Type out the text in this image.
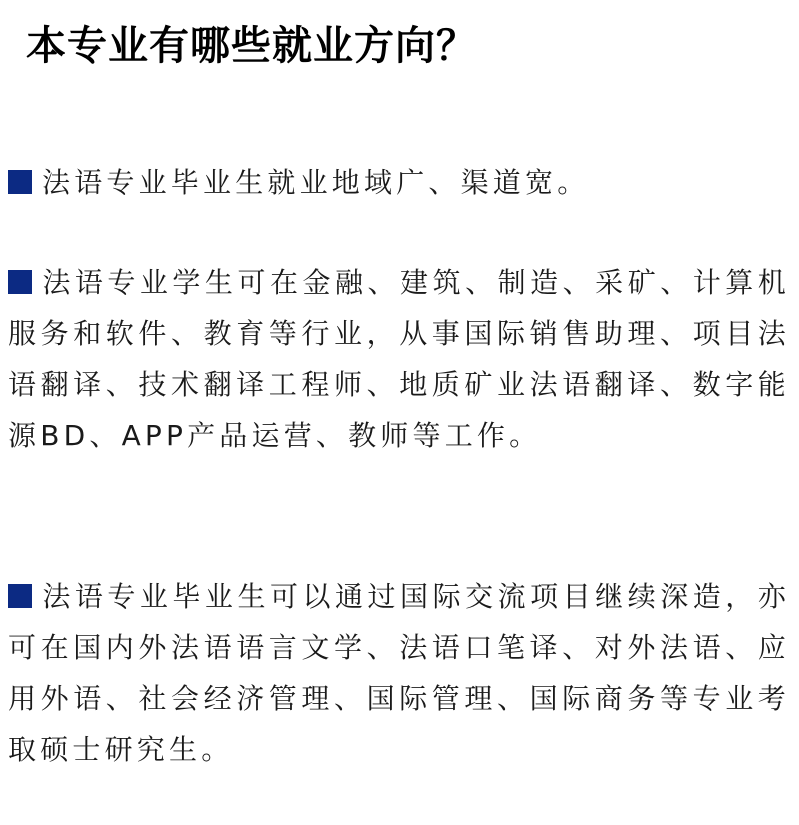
本专业有哪些就业方向？

法语专业毕业生就业地域广、渠道宽。

法语专业学生可在金融、建筑、制造、采矿、计算机服务和软件、教育等行业，从事国际销售助理、项目法语翻译、技术翻译工程师、地质矿业法语翻译、数字能源BD、APP产品运营、教师等工作。

法语专业毕业生可以通过国际交流项目继续深造，亦可在国内外法语语言文学、法语口笔译、对外法语、应用外语、社会经济管理、国际管理、国际商务等专业考取硕士研究生。
